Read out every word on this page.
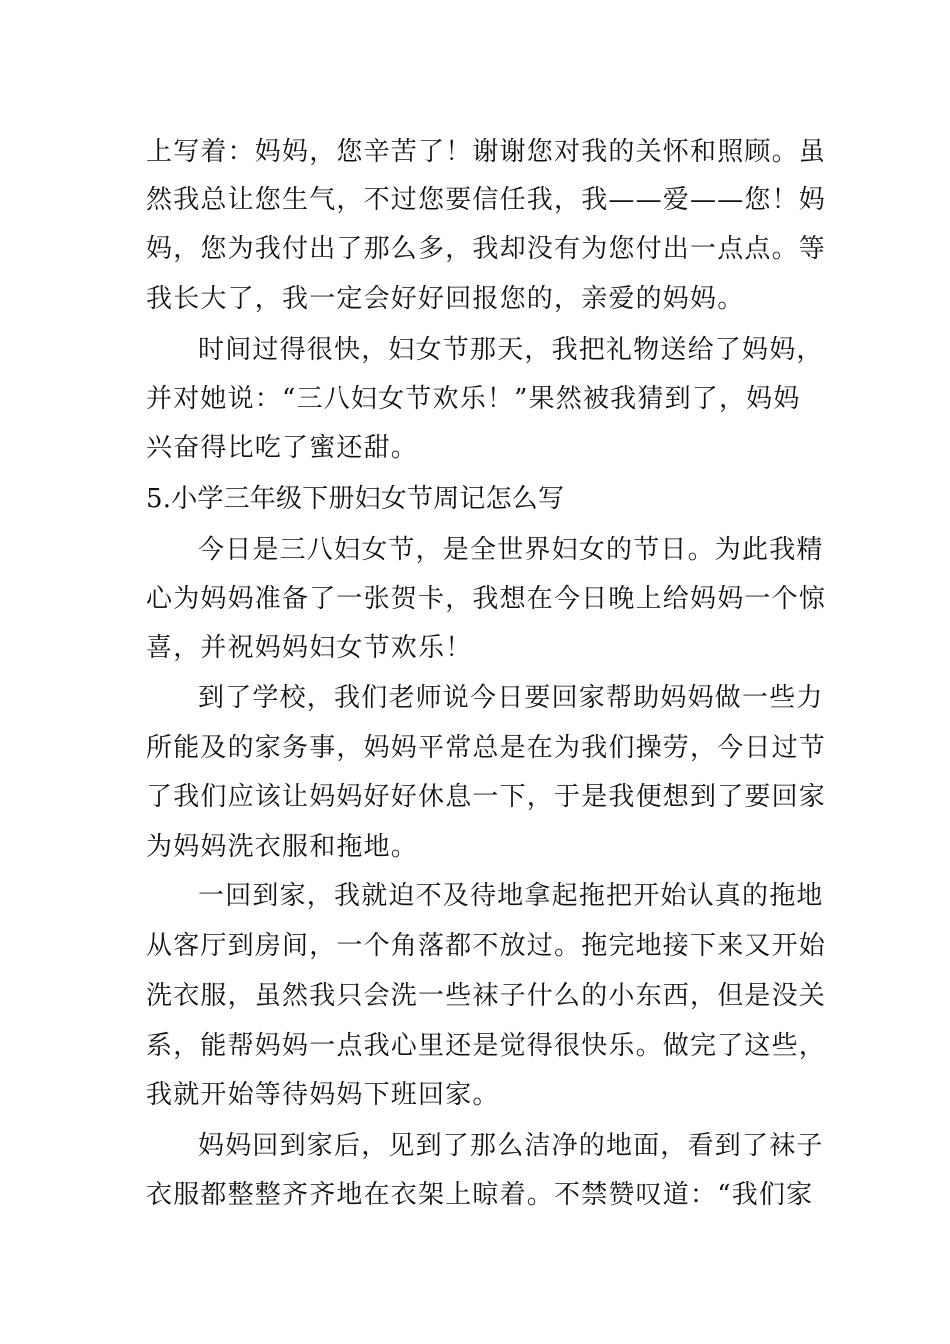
上写着：妈妈，您辛苦了！谢谢您对我的关怀和照顾。虽
然我总让您生气，不过您要信任我，我——爱——您！妈
妈，您为我付出了那么多，我却没有为您付出一点点。等
我长大了，我一定会好好回报您的，亲爱的妈妈。
时间过得很快，妇女节那天，我把礼物送给了妈妈，
并对她说：“三八妇女节欢乐！”果然被我猜到了，妈妈
兴奋得比吃了蜜还甜。
5.小学三年级下册妇女节周记怎么写
今日是三八妇女节，是全世界妇女的节日。为此我精
心为妈妈准备了一张贺卡，我想在今日晚上给妈妈一个惊
喜，并祝妈妈妇女节欢乐！
到了学校，我们老师说今日要回家帮助妈妈做一些力
所能及的家务事，妈妈平常总是在为我们操劳，今日过节
了我们应该让妈妈好好休息一下，于是我便想到了要回家
为妈妈洗衣服和拖地。
一回到家，我就迫不及待地拿起拖把开始认真的拖地
从客厅到房间，一个角落都不放过。拖完地接下来又开始
洗衣服，虽然我只会洗一些袜子什么的小东西，但是没关
系，能帮妈妈一点我心里还是觉得很快乐。做完了这些，
我就开始等待妈妈下班回家。
妈妈回到家后，见到了那么洁净的地面，看到了袜子
衣服都整整齐齐地在衣架上晾着。不禁赞叹道：“我们家
